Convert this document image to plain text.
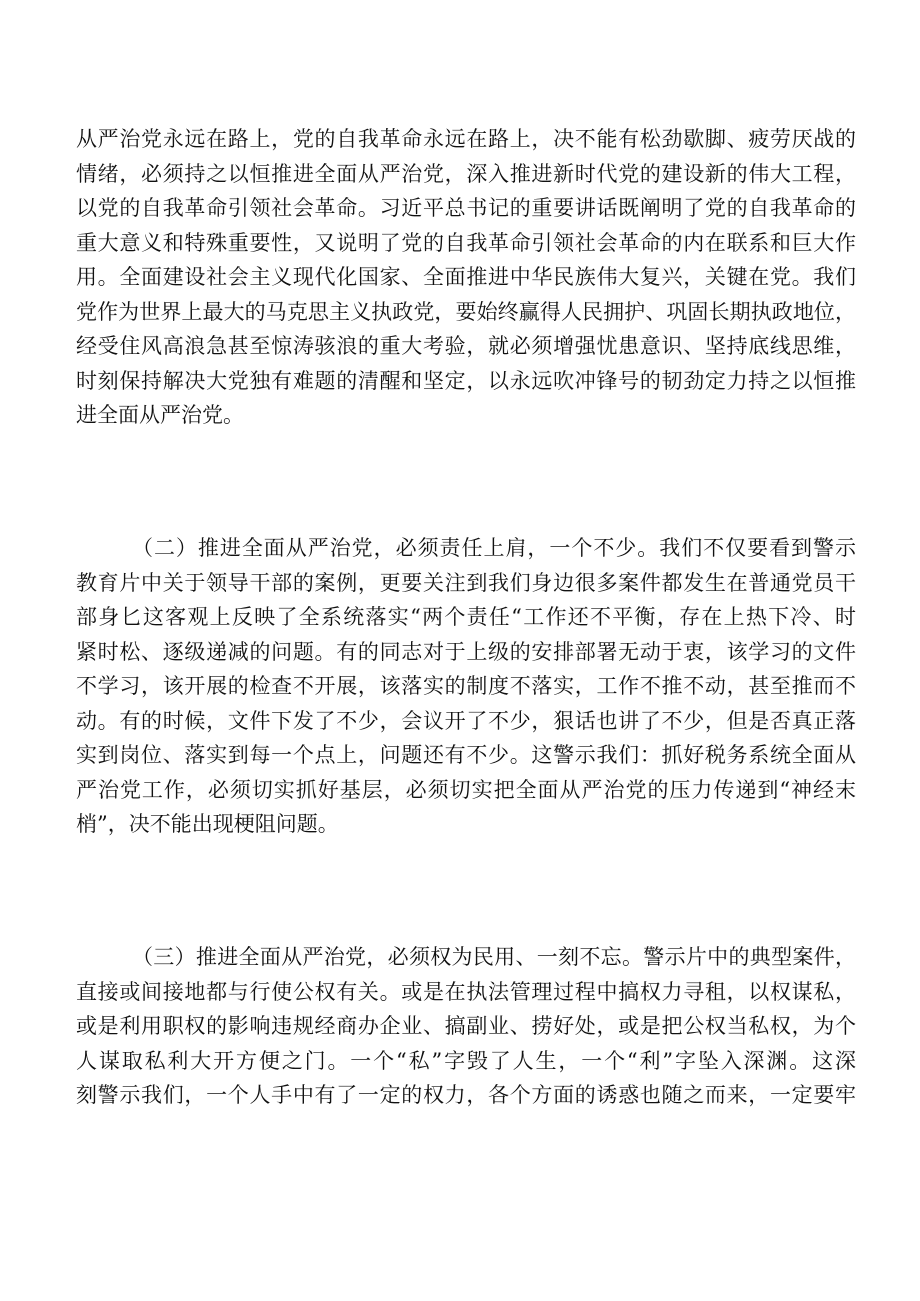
从严治党永远在路上，党的自我革命永远在路上，决不能有松劲歇脚、疲劳厌战的
情绪，必须持之以恒推进全面从严治党，深入推进新时代党的建设新的伟大工程，
以党的自我革命引领社会革命。习近平总书记的重要讲话既阐明了党的自我革命的
重大意义和特殊重要性，又说明了党的自我革命引领社会革命的内在联系和巨大作
用。全面建设社会主义现代化国家、全面推进中华民族伟大复兴，关键在党。我们
党作为世界上最大的马克思主义执政党，要始终赢得人民拥护、巩固长期执政地位，
经受住风高浪急甚至惊涛骇浪的重大考验，就必须增强忧患意识、坚持底线思维，
时刻保持解决大党独有难题的清醒和坚定，以永远吹冲锋号的韧劲定力持之以恒推
进全面从严治党。
（二）推进全面从严治党，必须责任上肩，一个不少。我们不仅要看到警示
教育片中关于领导干部的案例，更要关注到我们身边很多案件都发生在普通党员干
部身匕这客观上反映了全系统落实“两个责任“工作还不平衡，存在上热下冷、时
紧时松、逐级递减的问题。有的同志对于上级的安排部署无动于衷，该学习的文件
不学习，该开展的检查不开展，该落实的制度不落实，工作不推不动，甚至推而不
动。有的时候，文件下发了不少，会议开了不少，狠话也讲了不少，但是否真正落
实到岗位、落实到每一个点上，问题还有不少。这警示我们：抓好税务系统全面从
严治党工作，必须切实抓好基层，必须切实把全面从严治党的压力传递到“神经末
梢”，决不能出现梗阻问题。
（三）推进全面从严治党，必须权为民用、一刻不忘。警示片中的典型案件，
直接或间接地都与行使公权有关。或是在执法管理过程中搞权力寻租，以权谋私，
或是利用职权的影响违规经商办企业、搞副业、捞好处，或是把公权当私权，为个
人谋取私利大开方便之门。一个“私”字毁了人生，一个“利”字坠入深渊。这深
刻警示我们，一个人手中有了一定的权力，各个方面的诱惑也随之而来，一定要牢
